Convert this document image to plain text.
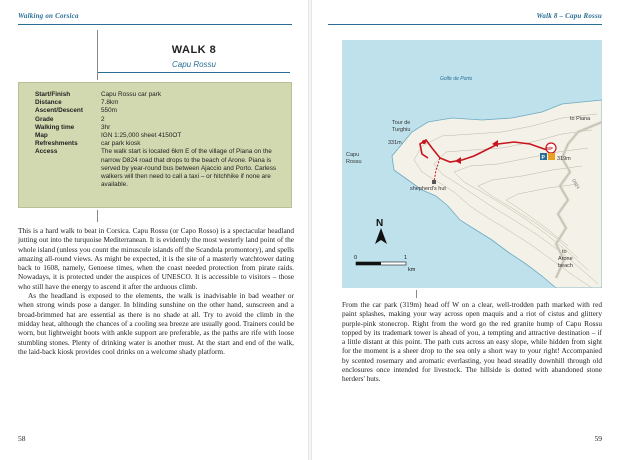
Walking on Corsica
WALK 8
Capu Rossu
Start/Finish	Capu Rossu car park
Distance	7.8km
Ascent/Descent	550m
Grade	2
Walking time	3hr
Map	IGN 1:25,000 sheet 4150OT
Refreshments	car park kiosk
Access	The walk start is located 6km E of the village of Piana on the narrow D824 road that drops to the beach of Arone. Piana is served by year-round bus between Ajaccio and Porto. Carless walkers will then need to call a taxi – or hitchhike if none are available.

This is a hard walk to beat in Corsica. Capu Rossu (or Capo Rosso) is a spectacular headland jutting out into the turquoise Mediterranean. It is evidently the most westerly land point of the whole island (unless you count the minuscule islands off the Scandola promontory), and spells amazing all-round views. As might be expected, it is the site of a masterly watchtower dating back to 1608, namely, Genoese times, when the coast needed protection from pirate raids. Nowadays, it is protected under the auspices of UNESCO. It is accessible to visitors – those who still have the energy to ascend it after the arduous climb.

As the headland is exposed to the elements, the walk is inadvisable in bad weather or when strong winds pose a danger. In blinding sunshine on the other hand, sunscreen and a broad-brimmed hat are essential as there is no shade at all. Try to avoid the climb in the midday heat, although the chances of a cooling sea breeze are usually good. Trainers could be worn, but lightweight boots with ankle support are preferable, as the paths are rife with loose stumbling stones. Plenty of drinking water is another must. At the start and end of the walk, the laid-back kiosk provides cool drinks on a welcome shady platform.

58
Walk 8 – Capu Rossu
59
Golfe de Porto
Tour de
Turghiu
331m
Capu
Rossu
shepherd's hut
S/F
P 319m
to Piana
to
Arone
beach
D824
N
0	1
km

From the car park (319m) head off W on a clear, well-trodden path marked with red paint splashes, making your way across open maquis and a riot of cistus and glittery purple-pink stonecrop. Right from the word go the red granite hump of Capu Rossu topped by its trademark tower is ahead of you, a tempting and attractive destination – if a little distant at this point. The path cuts across an easy slope, while hidden from sight for the moment is a sheer drop to the sea only a short way to your right! Accompanied by scented rosemary and aromatic everlasting, you head steadily downhill through old enclosures once intended for livestock. The hillside is dotted with abandoned stone herders' huts.
